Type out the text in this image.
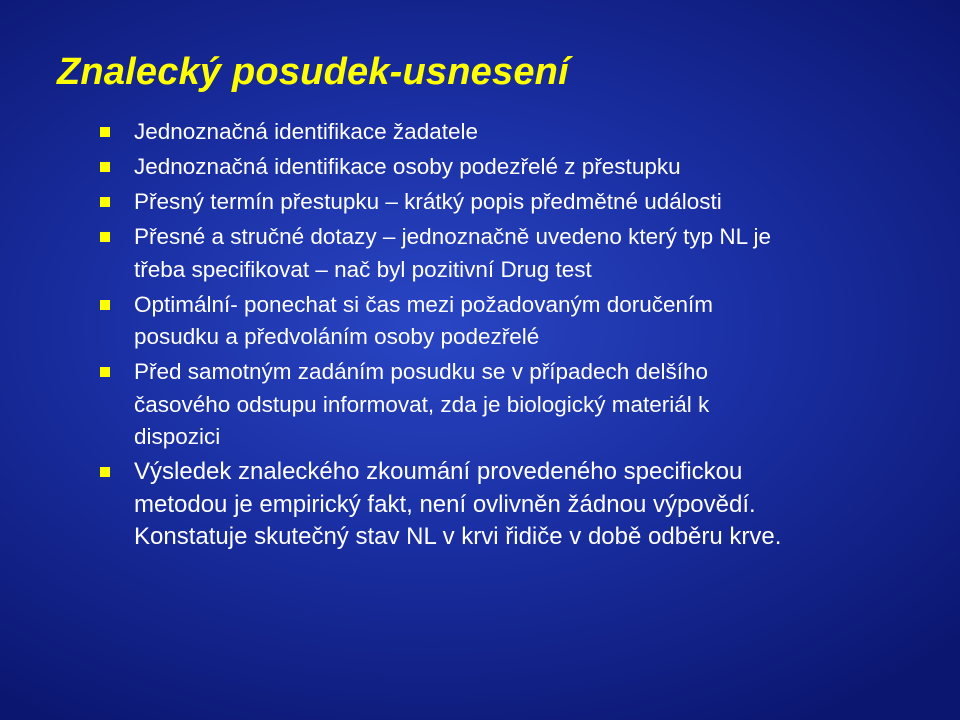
Znalecký posudek-usnesení
Jednoznačná identifikace žadatele
Jednoznačná identifikace osoby podezřelé z přestupku
Přesný termín přestupku – krátký popis předmětné události
Přesné a stručné dotazy – jednoznačně uvedeno který typ NL je
třeba specifikovat – nač byl pozitivní Drug test
Optimální- ponechat si čas mezi požadovaným doručením
posudku a předvoláním osoby podezřelé
Před samotným zadáním posudku se v případech delšího
časového odstupu informovat, zda je biologický materiál k
dispozici
Výsledek znaleckého zkoumání provedeného specifickou
metodou je empirický fakt, není ovlivněn žádnou výpovědí.
Konstatuje skutečný stav NL v krvi řidiče v době odběru krve.
